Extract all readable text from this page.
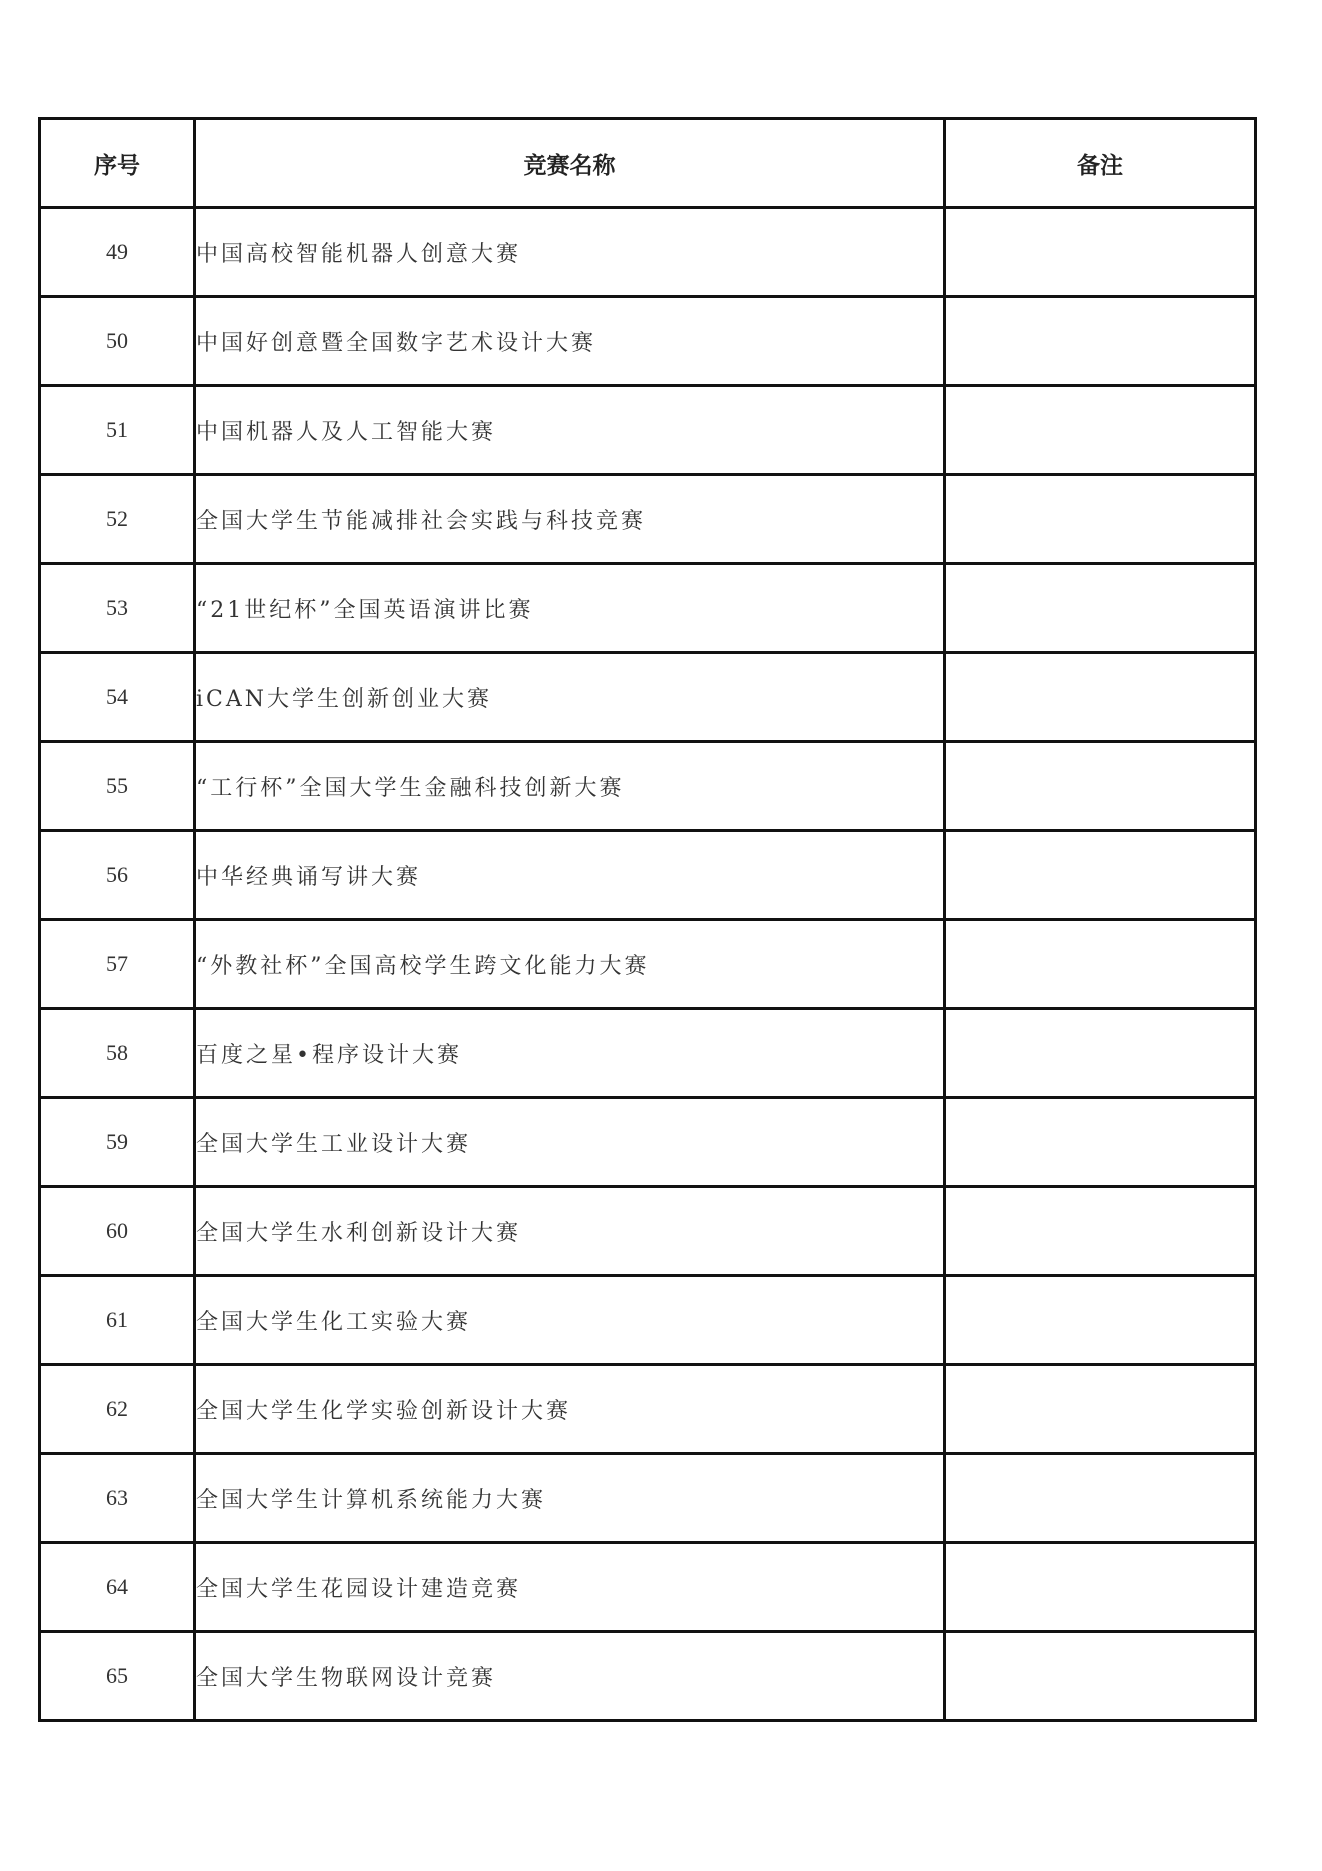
序号	竞赛名称	备注
49	中国高校智能机器人创意大赛	
50	中国好创意暨全国数字艺术设计大赛	
51	中国机器人及人工智能大赛	
52	全国大学生节能减排社会实践与科技竞赛	
53	“21世纪杯”全国英语演讲比赛	
54	iCAN大学生创新创业大赛	
55	“工行杯”全国大学生金融科技创新大赛	
56	中华经典诵写讲大赛	
57	“外教社杯”全国高校学生跨文化能力大赛	
58	百度之星•程序设计大赛	
59	全国大学生工业设计大赛	
60	全国大学生水利创新设计大赛	
61	全国大学生化工实验大赛	
62	全国大学生化学实验创新设计大赛	
63	全国大学生计算机系统能力大赛	
64	全国大学生花园设计建造竞赛	
65	全国大学生物联网设计竞赛	
